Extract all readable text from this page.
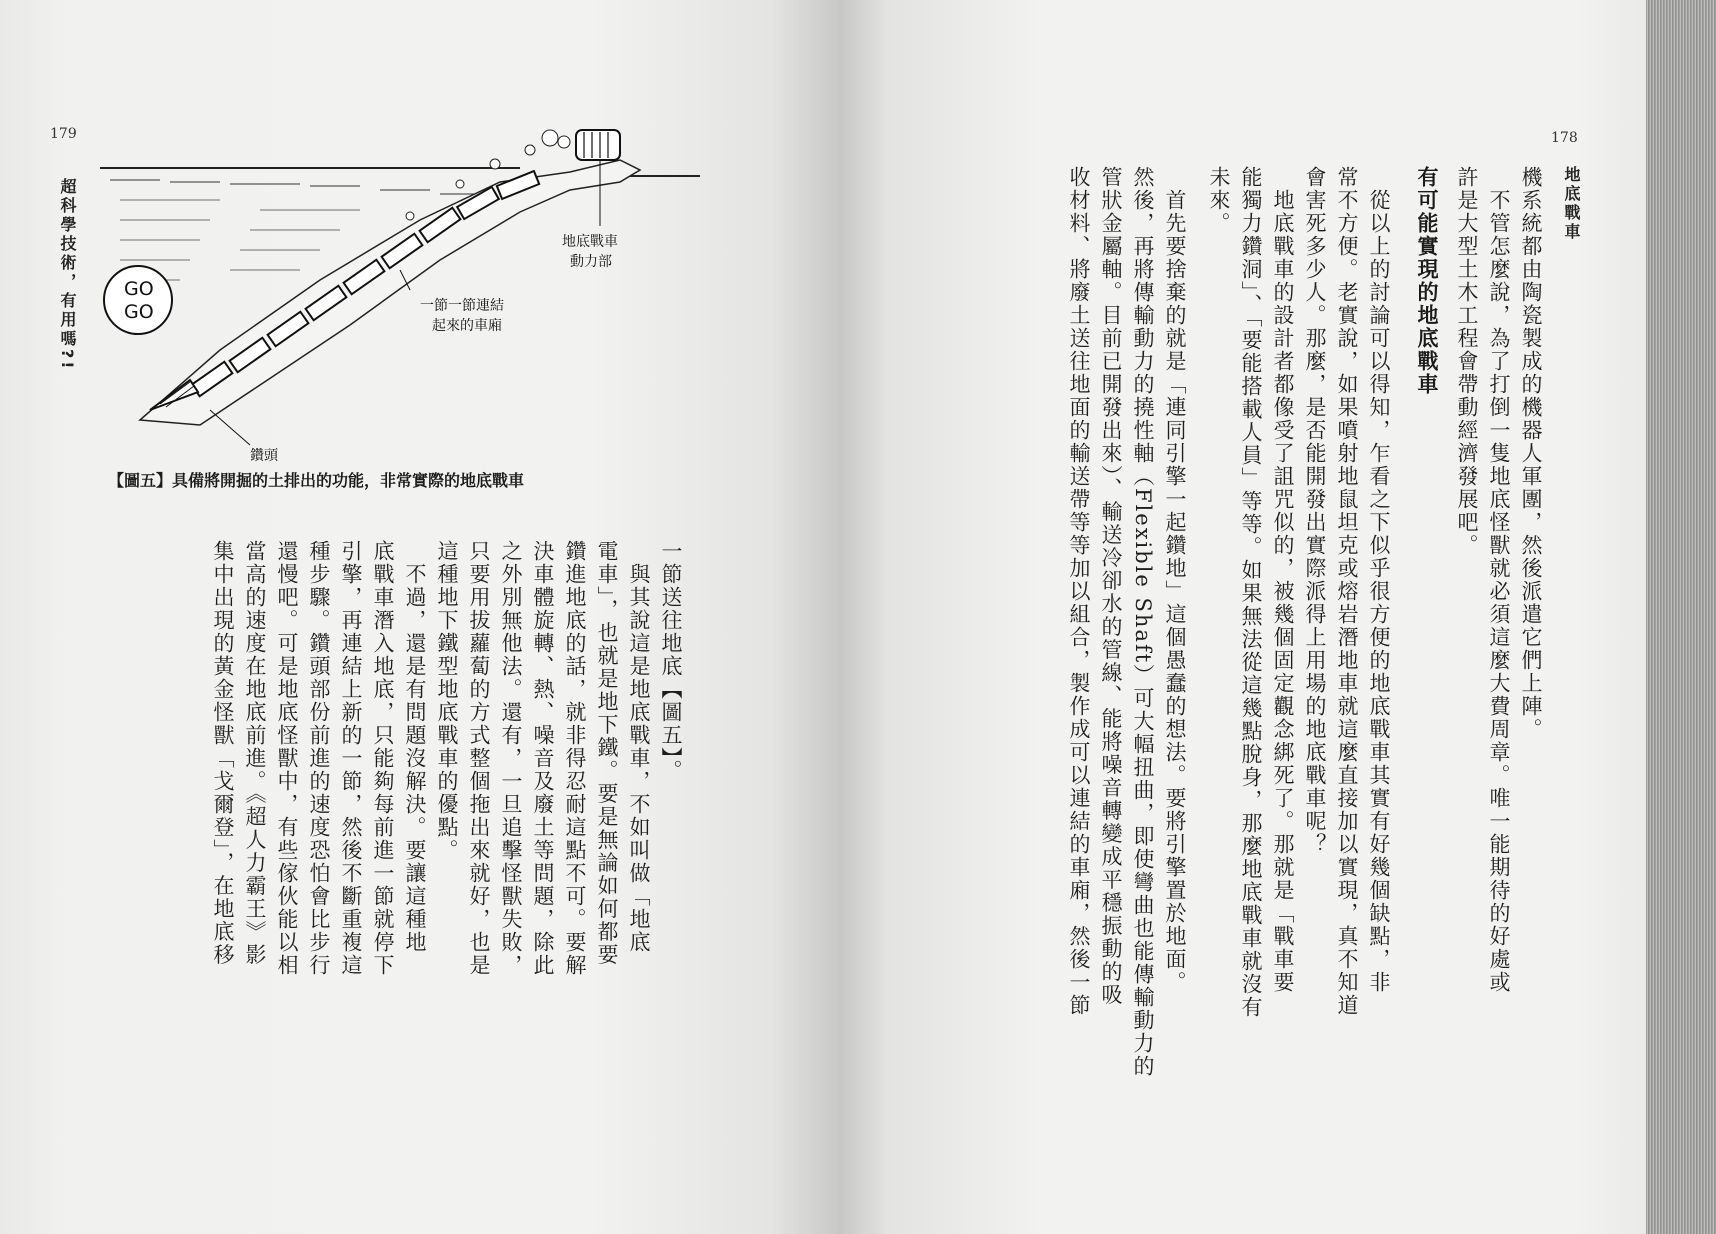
179
超科學技術，有用嗎?! GO
GO
地底戰車
動力部
一節一節連結
起來的車廂
鑽頭
【圖五】具備將開掘的土排出的功能，非常實際的地底戰車
一節送往地底【圖五】。
　與其說這是地底戰車，不如叫做「地底
電車」，也就是地下鐵。要是無論如何都要
鑽進地底的話，就非得忍耐這點不可。要解
決車體旋轉、熱、噪音及廢土等問題，除此
之外別無他法。還有，一旦追擊怪獸失敗，
只要用拔蘿蔔的方式整個拖出來就好，也是
這種地下鐵型地底戰車的優點。
　不過，還是有問題沒解決。要讓這種地
底戰車潛入地底，只能夠每前進一節就停下
引擎，再連結上新的一節，然後不斷重複這
種步驟。鑽頭部份前進的速度恐怕會比步行
還慢吧。可是地底怪獸中，有些傢伙能以相
當高的速度在地底前進。《超人力霸王》影
集中出現的黃金怪獸「戈爾登」，在地底移
178
地底戰車
機系統都由陶瓷製成的機器人軍團，然後派遣它們上陣。
　不管怎麼說，為了打倒一隻地底怪獸就必須這麼大費周章。唯一能期待的好處或
許是大型土木工程會帶動經濟發展吧。
有可能實現的地底戰車
　從以上的討論可以得知，乍看之下似乎很方便的地底戰車其實有好幾個缺點，非
常不方便。老實說，如果噴射地鼠坦克或熔岩潛地車就這麼直接加以實現，真不知道
會害死多少人。那麼，是否能開發出實際派得上用場的地底戰車呢？
　地底戰車的設計者都像受了詛咒似的，被幾個固定觀念綁死了。那就是「戰車要
能獨力鑽洞」、「要能搭載人員」等等。如果無法從這幾點脫身，那麼地底戰車就沒有
未來。
　首先要捨棄的就是「連同引擎一起鑽地」這個愚蠢的想法。要將引擎置於地面。
然後，再將傳輸動力的撓性軸（Flexible Shaft）可大幅扭曲，即使彎曲也能傳輸動力的
管狀金屬軸。目前已開發出來）、輸送冷卻水的管線、能將噪音轉變成平穩振動的吸
收材料、將廢土送往地面的輸送帶等等加以組合，製作成可以連結的車廂，然後一節
